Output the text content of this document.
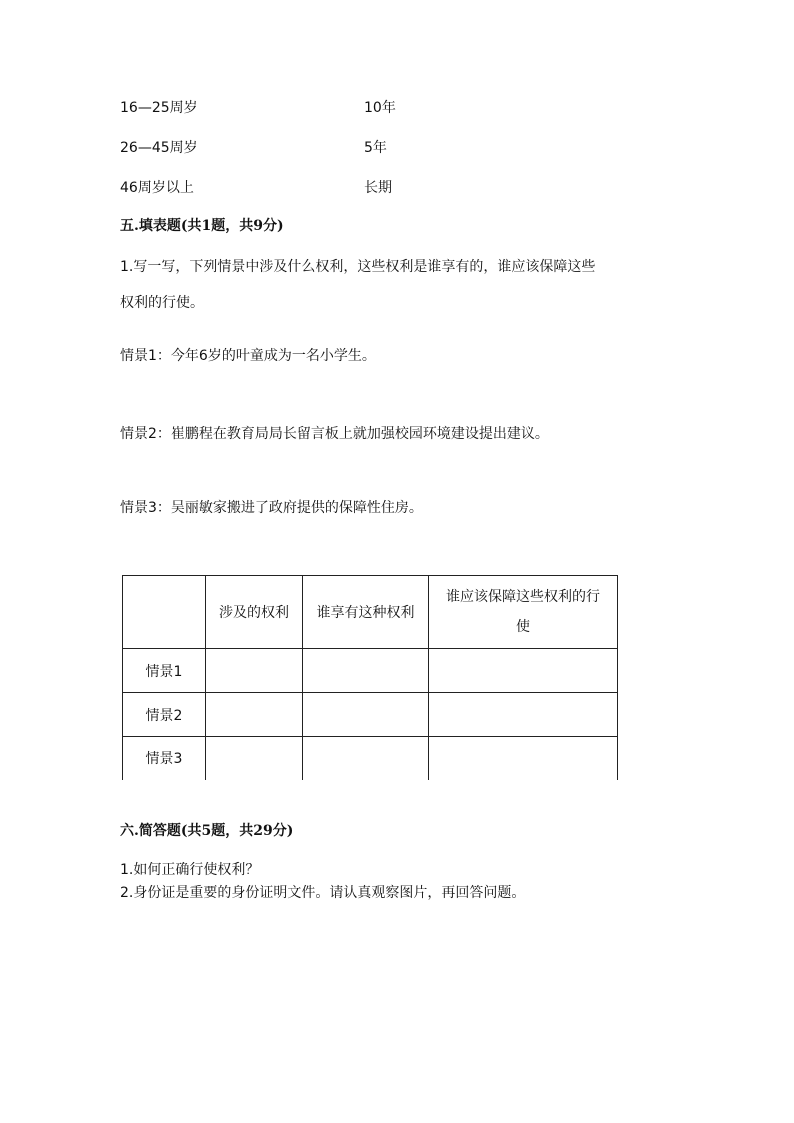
16—25周岁	10年
26—45周岁	5年
46周岁以上	长期
五.填表题(共1题，共9分)
1.写一写，下列情景中涉及什么权利，这些权利是谁享有的，谁应该保障这些
权利的行使。
情景1：今年6岁的叶童成为一名小学生。
情景2：崔鹏程在教育局局长留言板上就加强校园环境建设提出建议。
情景3：吴丽敏家搬进了政府提供的保障性住房。
	涉及的权利	谁享有这种权利	谁应该保障这些权利的行使
情景1			
情景2			
情景3			
六.简答题(共5题，共29分)
1.如何正确行使权利？
2.身份证是重要的身份证明文件。请认真观察图片，再回答问题。
